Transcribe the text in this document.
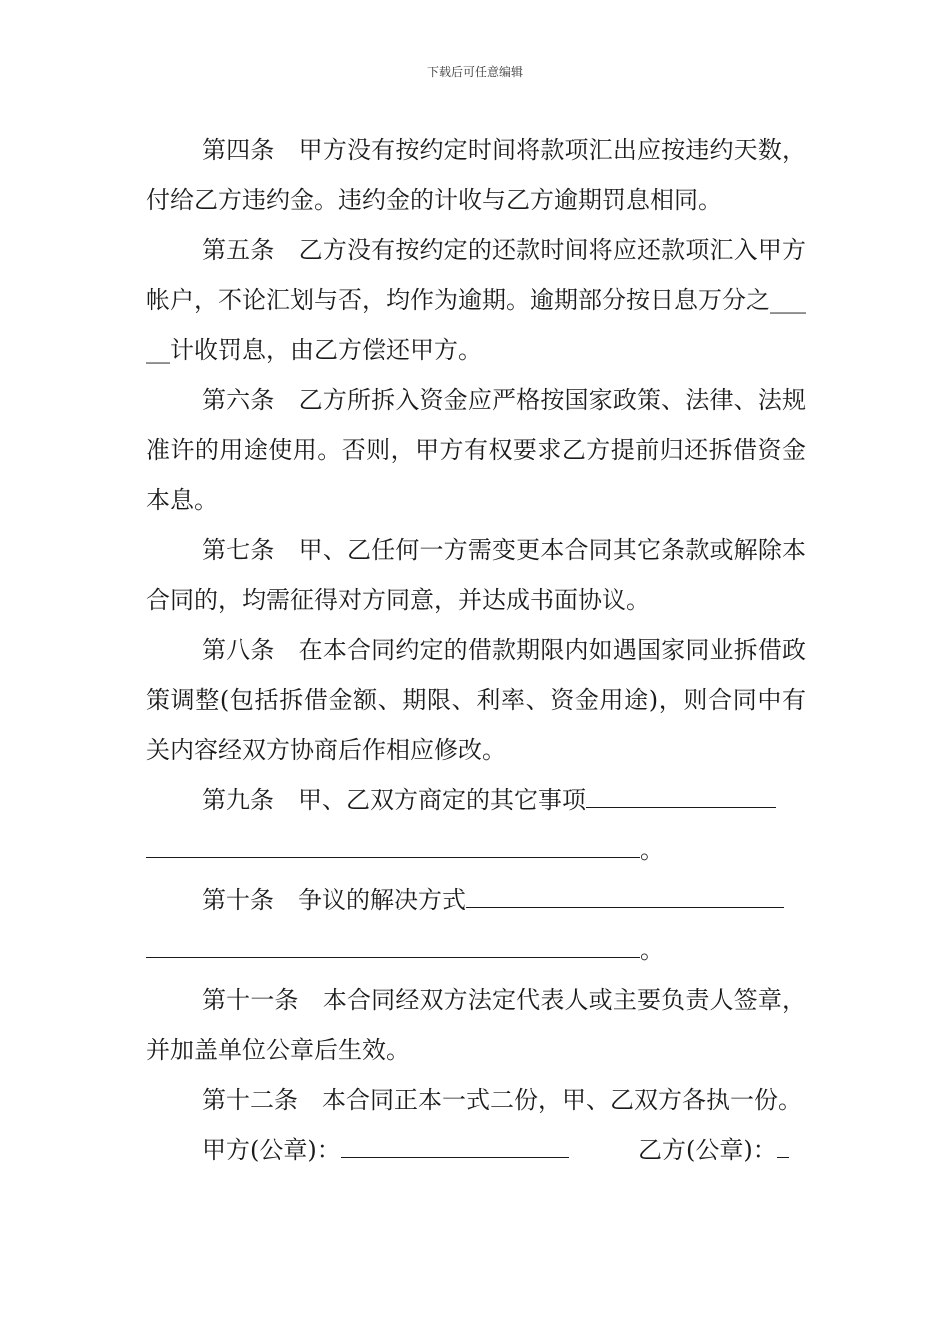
下载后可任意编辑

第四条　甲方没有按约定时间将款项汇出应按违约天数，付给乙方违约金。违约金的计收与乙方逾期罚息相同。

第五条　乙方没有按约定的还款时间将应还款项汇入甲方帐户，不论汇划与否，均作为逾期。逾期部分按日息万分之_____计收罚息，由乙方偿还甲方。

第六条　乙方所拆入资金应严格按国家政策、法律、法规准许的用途使用。否则，甲方有权要求乙方提前归还拆借资金本息。

第七条　甲、乙任何一方需变更本合同其它条款或解除本合同的，均需征得对方同意，并达成书面协议。

第八条　在本合同约定的借款期限内如遇国家同业拆借政策调整(包括拆借金额、期限、利率、资金用途)，则合同中有关内容经双方协商后作相应修改。

第九条　甲、乙双方商定的其它事项
。
第十条　争议的解决方式
。

第十一条　本合同经双方法定代表人或主要负责人签章，并加盖单位公章后生效。

第十二条　本合同正本一式二份，甲、乙双方各执一份。

甲方(公章)：	乙方(公章)：
